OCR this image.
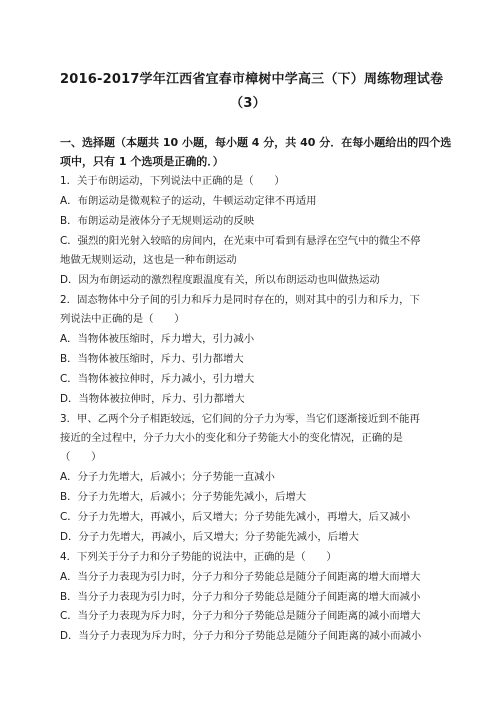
2016-2017学年江西省宜春市樟树中学高三（下）周练物理试卷
（3）
一、选择题（本题共 10 小题，每小题 4 分，共 40 分．在每小题给出的四个选
项中，只有 1 个选项是正确的．）
1．关于布朗运动，下列说法中正确的是（　　）
A．布朗运动是微观粒子的运动，牛顿运动定律不再适用
B．布朗运动是液体分子无规则运动的反映
C．强烈的阳光射入较暗的房间内，在光束中可看到有悬浮在空气中的微尘不停
地做无规则运动，这也是一种布朗运动
D．因为布朗运动的激烈程度跟温度有关，所以布朗运动也叫做热运动
2．固态物体中分子间的引力和斥力是同时存在的，则对其中的引力和斥力，下
列说法中正确的是（　　）
A．当物体被压缩时，斥力增大，引力减小
B．当物体被压缩时，斥力、引力都增大
C．当物体被拉伸时，斥力减小，引力增大
D．当物体被拉伸时，斥力、引力都增大
3．甲、乙两个分子相距较远，它们间的分子力为零，当它们逐渐接近到不能再
接近的全过程中，分子力大小的变化和分子势能大小的变化情况，正确的是
（　　）
A．分子力先增大，后减小；分子势能一直减小
B．分子力先增大，后减小；分子势能先减小，后增大
C．分子力先增大，再减小，后又增大；分子势能先减小，再增大，后又减小
D．分子力先增大，再减小，后又增大；分子势能先减小，后增大
4．下列关于分子力和分子势能的说法中，正确的是（　　）
A．当分子力表现为引力时，分子力和分子势能总是随分子间距离的增大而增大
B．当分子力表现为引力时，分子力和分子势能总是随分子间距离的增大而减小
C．当分子力表现为斥力时，分子力和分子势能总是随分子间距离的减小而增大
D．当分子力表现为斥力时，分子力和分子势能总是随分子间距离的减小而减小
